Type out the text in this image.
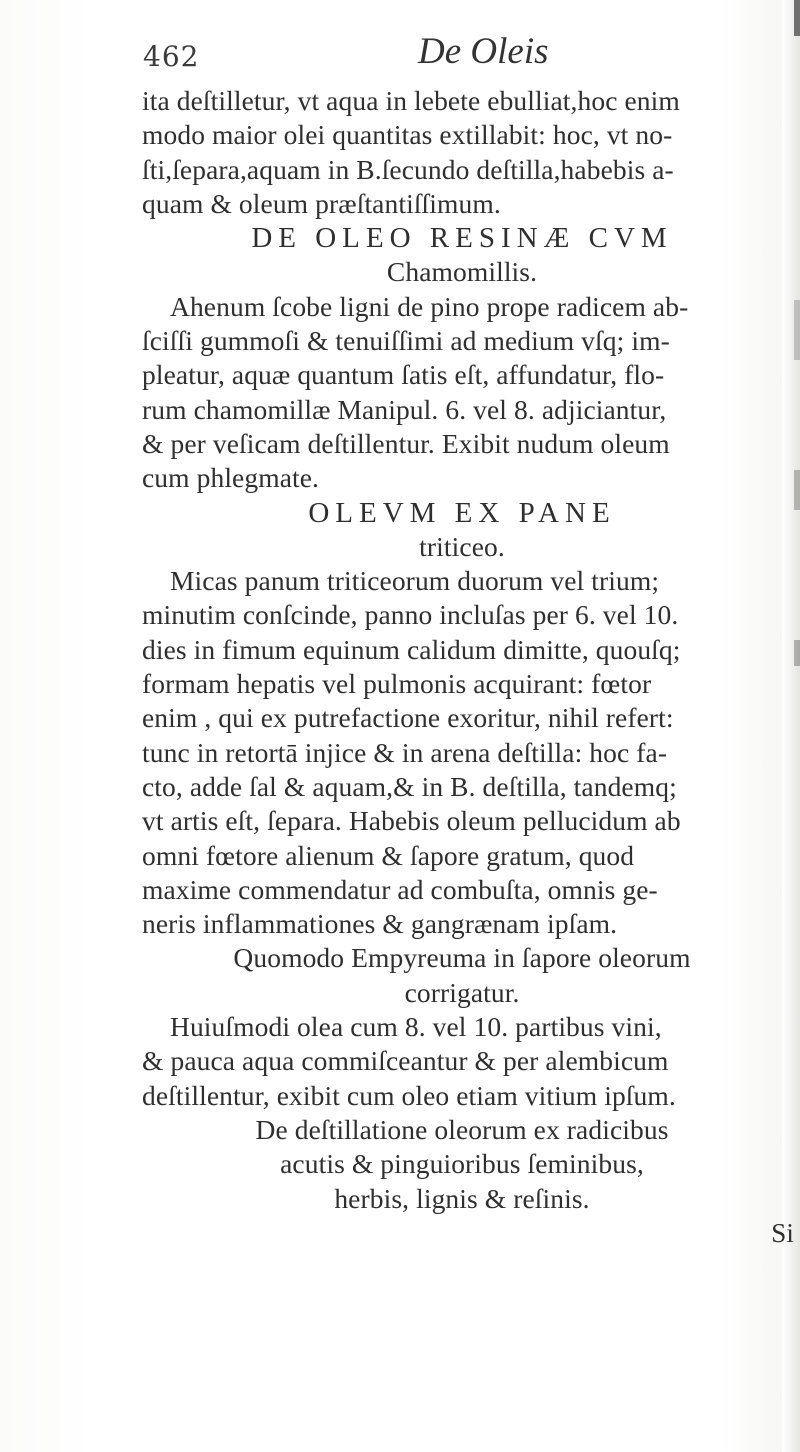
462	De Oleis
ita deſtilletur, vt aqua in lebete ebulliat,hoc enim
modo maior olei quantitas extillabit: hoc, vt no-
ſti,ſepara,aquam in B.ſecundo deſtilla,habebis a-
quam & oleum præſtantiſſimum.
DE OLEO RESINÆ CVM
Chamomillis.
Ahenum ſcobe ligni de pino prope radicem ab-
ſciſſi gummoſi & tenuiſſimi ad medium vſq; im-
pleatur, aquæ quantum ſatis eſt, affundatur, flo-
rum chamomillæ Manipul. 6. vel 8. adjiciantur,
& per veſicam deſtillentur. Exibit nudum oleum
cum phlegmate.
OLEVM EX PANE
triticeo.
Micas panum triticeorum duorum vel trium;
minutim conſcinde, panno incluſas per 6. vel 10.
dies in fimum equinum calidum dimitte, quouſq;
formam hepatis vel pulmonis acquirant: fœtor
enim , qui ex putrefactione exoritur, nihil refert:
tunc in retortā injice & in arena deſtilla: hoc fa-
cto, adde ſal & aquam,& in B. deſtilla, tandemq;
vt artis eſt, ſepara. Habebis oleum pellucidum ab
omni fœtore alienum & ſapore gratum, quod
maxime commendatur ad combuſta, omnis ge-
neris inflammationes & gangrænam ipſam.
Quomodo Empyreuma in ſapore oleorum
corrigatur.
Huiuſmodi olea cum 8. vel 10. partibus vini,
& pauca aqua commiſceantur & per alembicum
deſtillentur, exibit cum oleo etiam vitium ipſum.
De deſtillatione oleorum ex radicibus
acutis & pinguioribus ſeminibus,
herbis, lignis & reſinis.
Si
